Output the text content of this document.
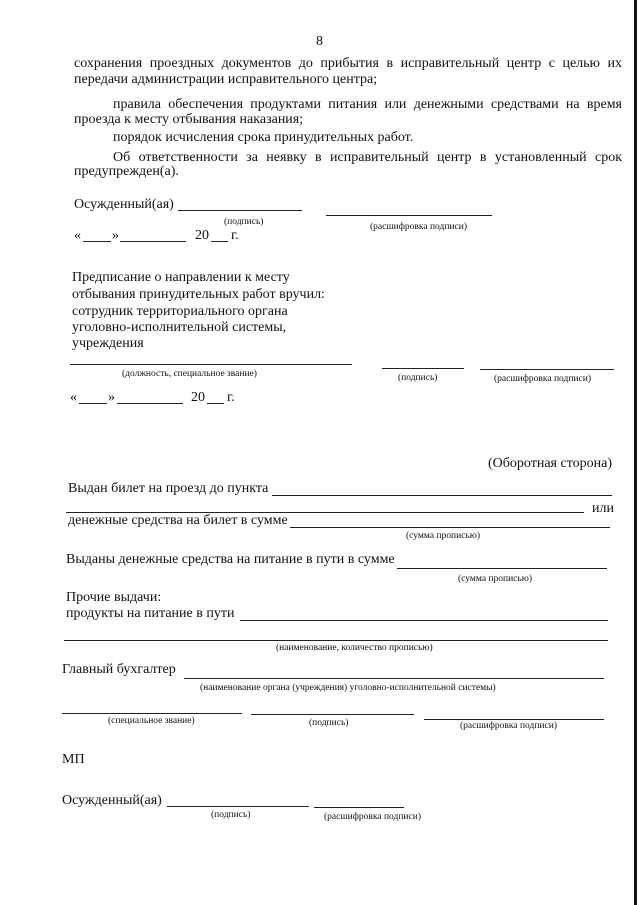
8
сохранения проездных документов до прибытия в исправительный центр с целью их
передачи администрации исправительного центра;
правила обеспечения продуктами питания или денежными средствами на время
проезда к месту отбывания наказания;
порядок исчисления срока принудительных работ.
Об ответственности за неявку в исправительный центр в установленный срок
предупрежден(а).
Осужденный(ая)
(подпись)	(расшифровка подписи)
« »	20 г.
Предписание о направлении к месту
отбывания принудительных работ вручил:
сотрудник территориального органа
уголовно-исполнительной системы,
учреждения
(должность, специальное звание)	(подпись)	(расшифровка подписи)
« »	20 г.
(Оборотная сторона)
Выдан билет на проезд до пункта
или
денежные средства на билет в сумме
(сумма прописью)
Выданы денежные средства на питание в пути в сумме
(сумма прописью)
Прочие выдачи:
продукты на питание в пути
(наименование, количество прописью)
Главный бухгалтер
(наименование органа (учреждения) уголовно-исполнительной системы)
(специальное звание)	(подпись)	(расшифровка подписи)
МП
Осужденный(ая)
(подпись)	(расшифровка подписи)
